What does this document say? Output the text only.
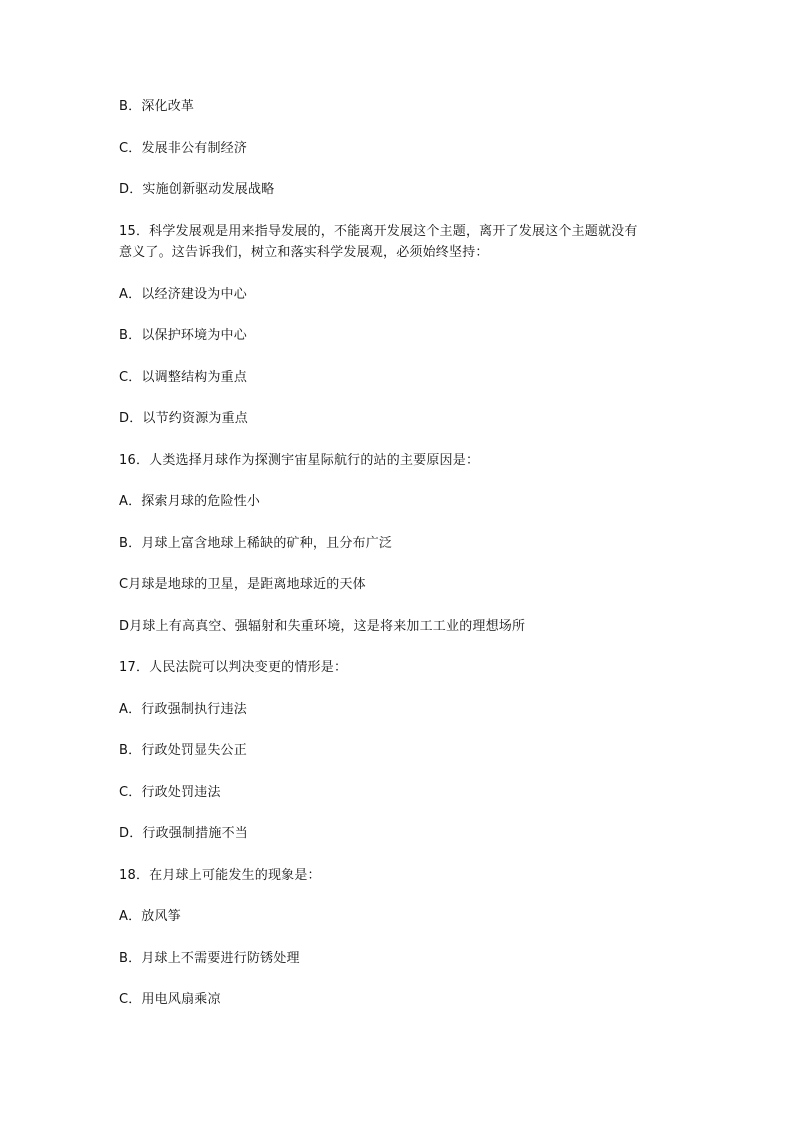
B．深化改革
C．发展非公有制经济
D．实施创新驱动发展战略
15．科学发展观是用来指导发展的，不能离开发展这个主题，离开了发展这个主题就没有
意义了。这告诉我们，树立和落实科学发展观，必须始终坚持：
A．以经济建设为中心
B．以保护环境为中心
C．以调整结构为重点
D．以节约资源为重点
16．人类选择月球作为探测宇宙星际航行的站的主要原因是：
A．探索月球的危险性小
B．月球上富含地球上稀缺的矿种，且分布广泛
C月球是地球的卫星，是距离地球近的天体
D月球上有高真空、强辐射和失重环境，这是将来加工工业的理想场所
17．人民法院可以判决变更的情形是：
A．行政强制执行违法
B．行政处罚显失公正
C．行政处罚违法
D．行政强制措施不当
18．在月球上可能发生的现象是：
A．放风筝
B．月球上不需要进行防锈处理
C．用电风扇乘凉
